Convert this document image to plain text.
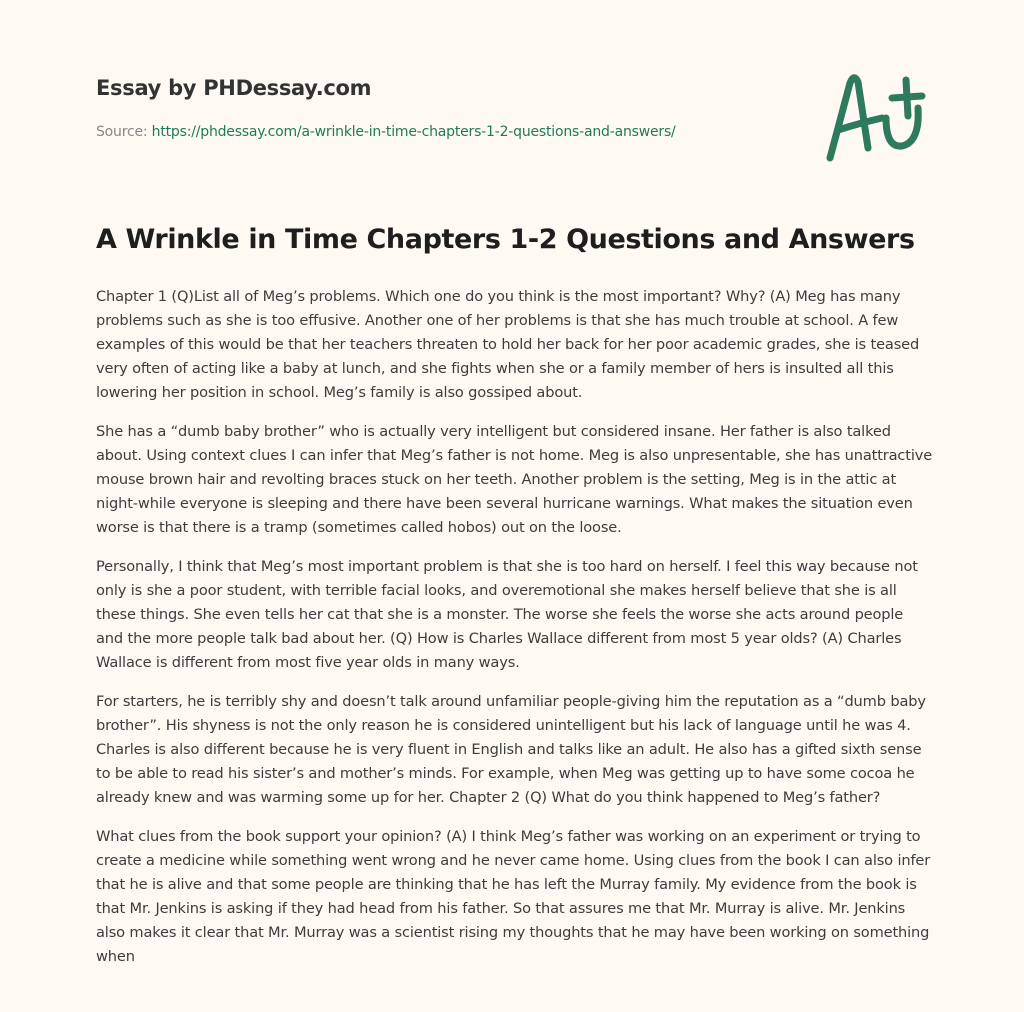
Essay by PHDessay.com
Source: https://phdessay.com/a-wrinkle-in-time-chapters-1-2-questions-and-answers/
A Wrinkle in Time Chapters 1-2 Questions and Answers

Chapter 1 (Q)List all of Meg’s problems. Which one do you think is the most important? Why? (A) Meg has many problems such as she is too effusive. Another one of her problems is that she has much trouble at school. A few examples of this would be that her teachers threaten to hold her back for her poor academic grades, she is teased very often of acting like a baby at lunch, and she fights when she or a family member of hers is insulted all this lowering her position in school. Meg’s family is also gossiped about.

She has a “dumb baby brother” who is actually very intelligent but considered insane. Her father is also talked about. Using context clues I can infer that Meg’s father is not home. Meg is also unpresentable, she has unattractive mouse brown hair and revolting braces stuck on her teeth. Another problem is the setting, Meg is in the attic at night-while everyone is sleeping and there have been several hurricane warnings. What makes the situation even worse is that there is a tramp (sometimes called hobos) out on the loose.

Personally, I think that Meg’s most important problem is that she is too hard on herself. I feel this way because not only is she a poor student, with terrible facial looks, and overemotional she makes herself believe that she is all these things. She even tells her cat that she is a monster. The worse she feels the worse she acts around people and the more people talk bad about her. (Q) How is Charles Wallace different from most 5 year olds? (A) Charles Wallace is different from most five year olds in many ways.

For starters, he is terribly shy and doesn’t talk around unfamiliar people-giving him the reputation as a “dumb baby brother”. His shyness is not the only reason he is considered unintelligent but his lack of language until he was 4. Charles is also different because he is very fluent in English and talks like an adult. He also has a gifted sixth sense to be able to read his sister’s and mother’s minds. For example, when Meg was getting up to have some cocoa he already knew and was warming some up for her. Chapter 2 (Q) What do you think happened to Meg’s father?

What clues from the book support your opinion? (A) I think Meg’s father was working on an experiment or trying to create a medicine while something went wrong and he never came home. Using clues from the book I can also infer that he is alive and that some people are thinking that he has left the Murray family. My evidence from the book is that Mr. Jenkins is asking if they had head from his father. So that assures me that Mr. Murray is alive. Mr. Jenkins also makes it clear that Mr. Murray was a scientist rising my thoughts that he may have been working on something when
